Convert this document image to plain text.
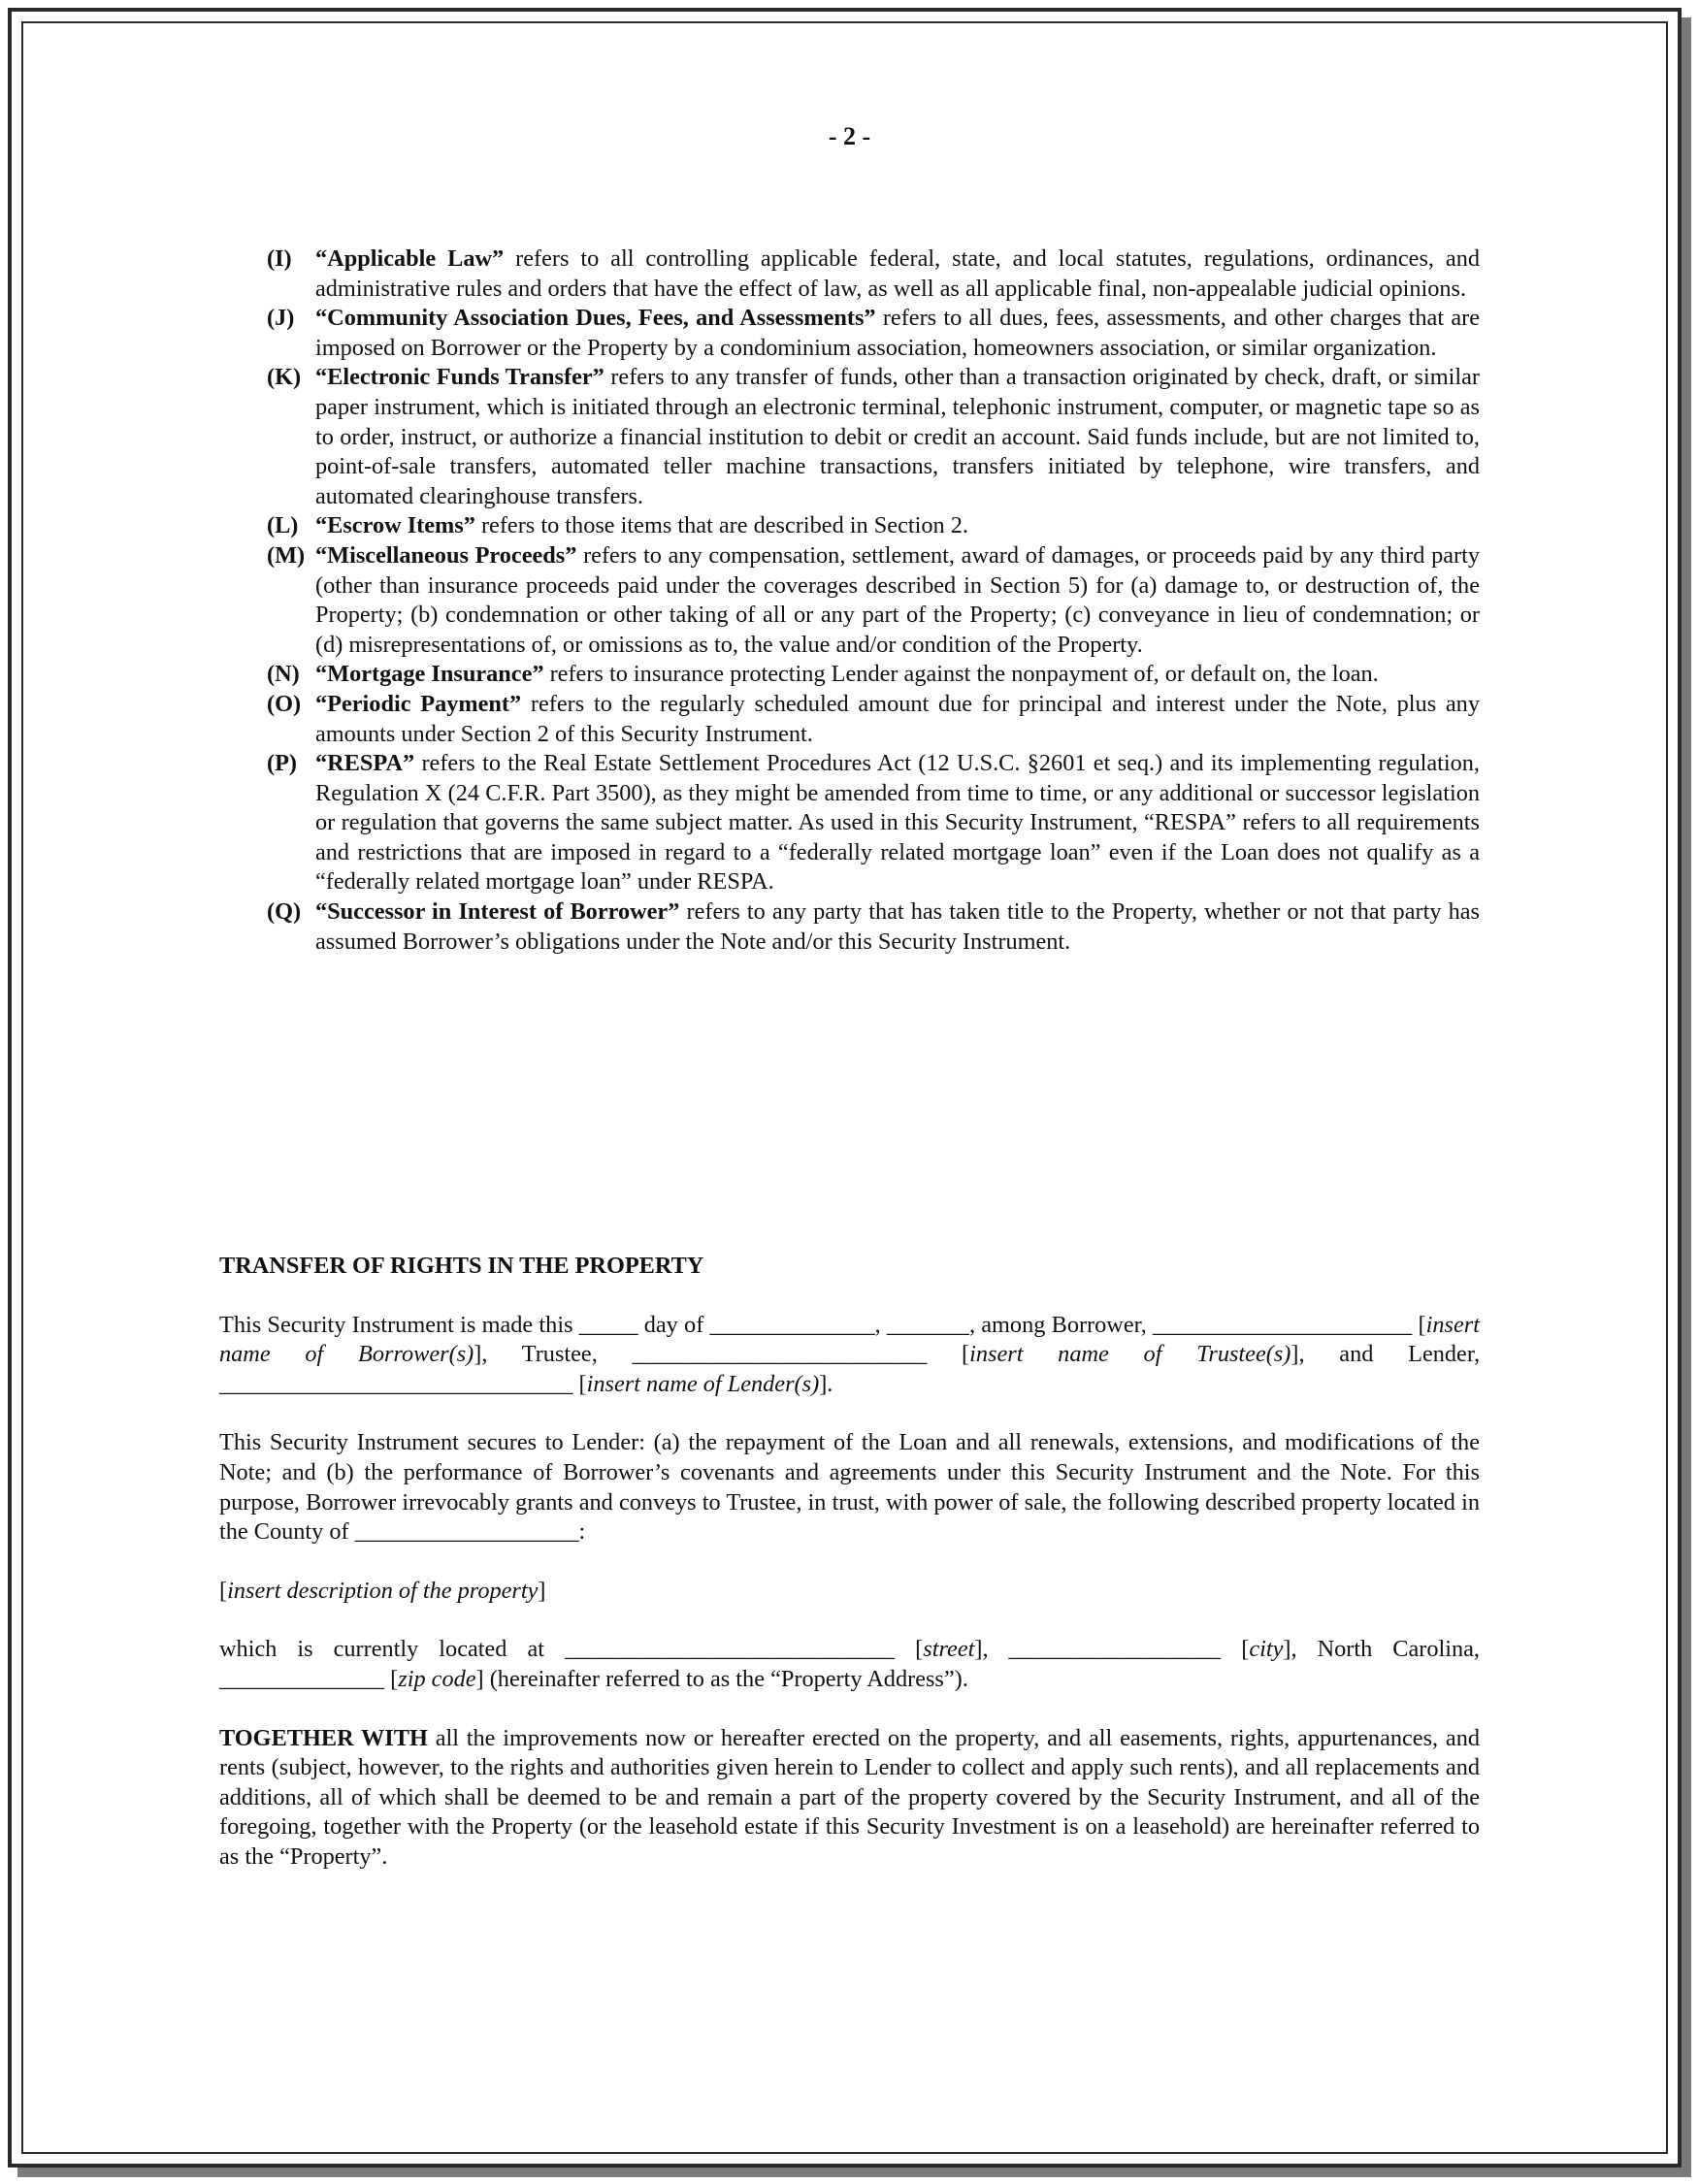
- 2 -
(I)	“Applicable Law” refers to all controlling applicable federal, state, and local statutes, regulations, ordinances, and administrative rules and orders that have the effect of law, as well as all applicable final, non-appealable judicial opinions.
(J) “Community Association Dues, Fees, and Assessments” refers to all dues, fees, assessments, and other charges that are imposed on Borrower or the Property by a condominium association, homeowners association, or similar organization.
(K) “Electronic Funds Transfer” refers to any transfer of funds, other than a transaction originated by check, draft, or similar paper instrument, which is initiated through an electronic terminal, telephonic instrument, computer, or magnetic tape so as to order, instruct, or authorize a financial institution to debit or credit an account. Said funds include, but are not limited to, point-of-sale transfers, automated teller machine transactions, transfers initiated by telephone, wire transfers, and automated clearinghouse transfers.
(L) “Escrow Items” refers to those items that are described in Section 2.
(M) “Miscellaneous Proceeds” refers to any compensation, settlement, award of damages, or proceeds paid by any third party (other than insurance proceeds paid under the coverages described in Section 5) for (a) damage to, or destruction of, the Property; (b) condemnation or other taking of all or any part of the Property; (c) conveyance in lieu of condemnation; or (d) misrepresentations of, or omissions as to, the value and/or condition of the Property.
(N) “Mortgage Insurance” refers to insurance protecting Lender against the nonpayment of, or default on, the loan.
(O) “Periodic Payment” refers to the regularly scheduled amount due for principal and interest under the Note, plus any amounts under Section 2 of this Security Instrument.
(P) “RESPA” refers to the Real Estate Settlement Procedures Act (12 U.S.C. §2601 et seq.) and its implementing regulation, Regulation X (24 C.F.R. Part 3500), as they might be amended from time to time, or any additional or successor legislation or regulation that governs the same subject matter. As used in this Security Instrument, “RESPA” refers to all requirements and restrictions that are imposed in regard to a “federally related mortgage loan” even if the Loan does not qualify as a “federally related mortgage loan” under RESPA.
(Q) “Successor in Interest of Borrower” refers to any party that has taken title to the Property, whether or not that party has assumed Borrower’s obligations under the Note and/or this Security Instrument.
TRANSFER OF RIGHTS IN THE PROPERTY

This Security Instrument is made this _____ day of ______________, _______, among Borrower, ______________________ [insert name of Borrower(s)], Trustee, _________________________ [insert name of Trustee(s)], and Lender, ______________________________ [insert name of Lender(s)].

This Security Instrument secures to Lender: (a) the repayment of the Loan and all renewals, extensions, and modifications of the Note; and (b) the performance of Borrower’s covenants and agreements under this Security Instrument and the Note. For this purpose, Borrower irrevocably grants and conveys to Trustee, in trust, with power of sale, the following described property located in the County of ___________________:

[insert description of the property]

which is currently located at ____________________________ [street], __________________ [city], North Carolina, ______________ [zip code] (hereinafter referred to as the “Property Address”).

TOGETHER WITH all the improvements now or hereafter erected on the property, and all easements, rights, appurtenances, and rents (subject, however, to the rights and authorities given herein to Lender to collect and apply such rents), and all replacements and additions, all of which shall be deemed to be and remain a part of the property covered by the Security Instrument, and all of the foregoing, together with the Property (or the leasehold estate if this Security Investment is on a leasehold) are hereinafter referred to as the “Property”.
